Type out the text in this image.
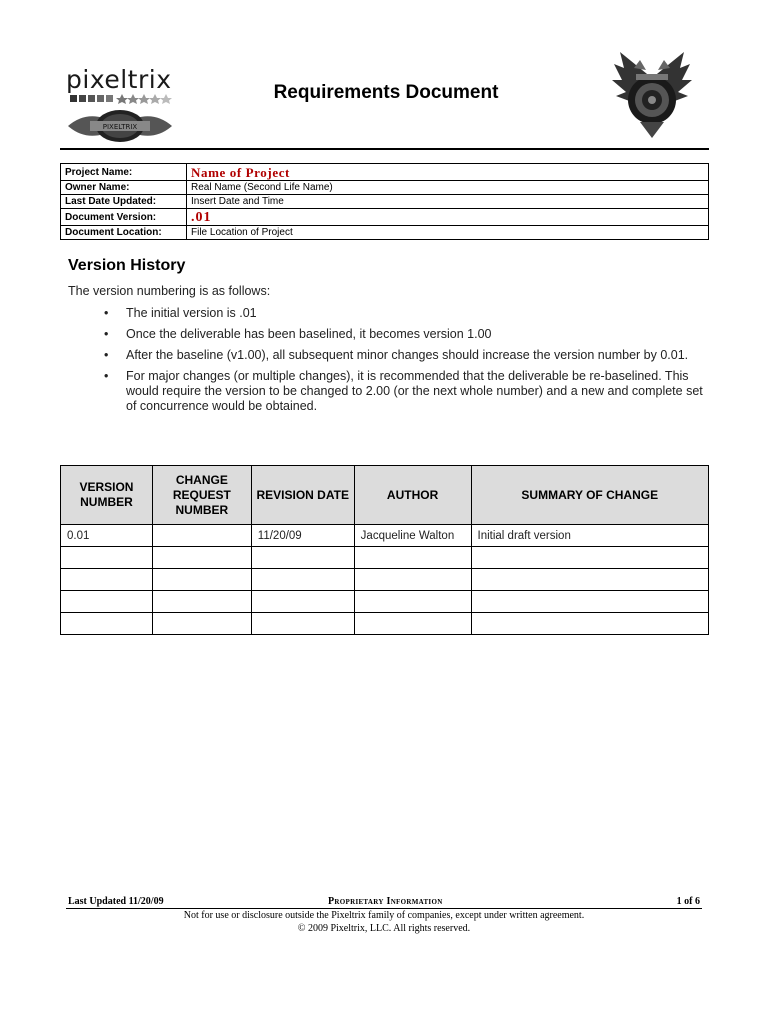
pixeltrix
PIXELTRIX
Requirements Document
Project Name:	Name of Project
Owner Name:	Real Name (Second Life Name)
Last Date Updated:	Insert Date and Time
Document Version:	.01
Document Location:	File Location of Project
Version History
The version numbering is as follows:
• The initial version is .01
• Once the deliverable has been baselined, it becomes version 1.00
• After the baseline (v1.00), all subsequent minor changes should increase the version number by 0.01.
• For major changes (or multiple changes), it is recommended that the deliverable be re-baselined. This would require the version to be changed to 2.00 (or the next whole number) and a new and complete set of concurrence would be obtained.
VERSION NUMBER	CHANGE REQUEST NUMBER	REVISION DATE	AUTHOR	SUMMARY OF CHANGE
0.01		11/20/09	Jacqueline Walton	Initial draft version

Last Updated 11/20/09	Proprietary Information	1 of 6
Not for use or disclosure outside the Pixeltrix family of companies, except under written agreement.
© 2009 Pixeltrix, LLC. All rights reserved.
